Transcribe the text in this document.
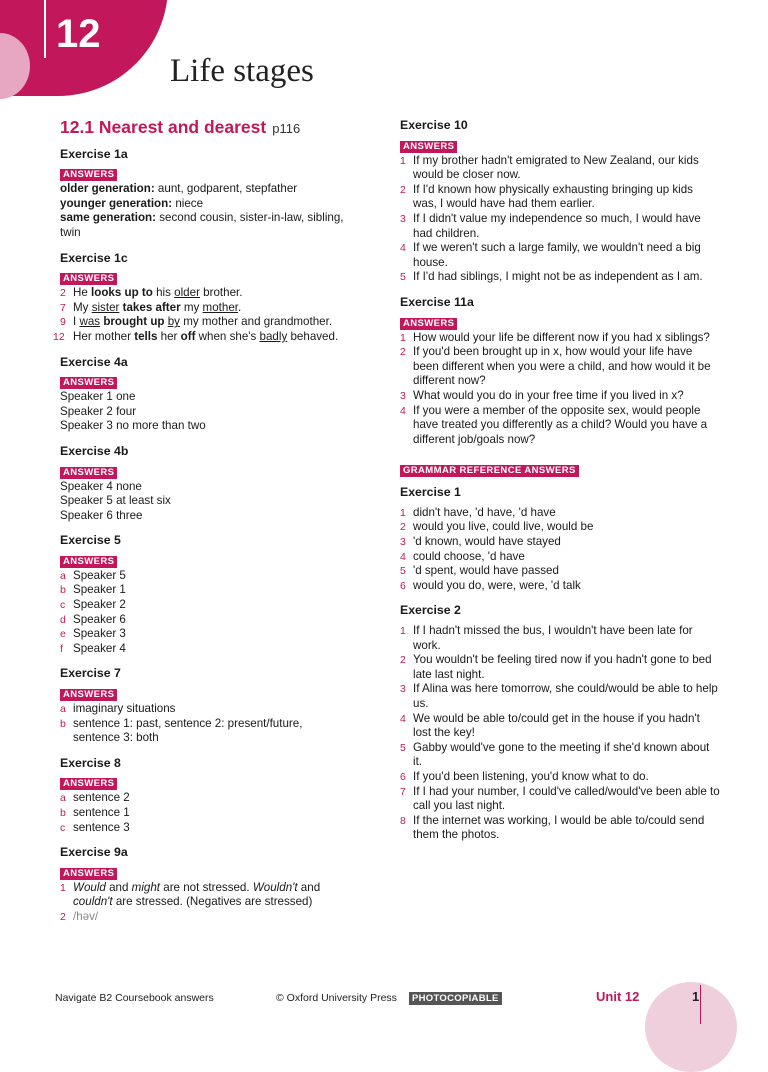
12
Life stages
12.1 Nearest and dearest p116
Exercise 1a
ANSWERS
older generation: aunt, godparent, stepfather
younger generation: niece
same generation: second cousin, sister-in-law, sibling, twin
Exercise 1c
ANSWERS
2 He looks up to his older brother.
7 My sister takes after my mother.
9 I was brought up by my mother and grandmother.
12 Her mother tells her off when she's badly behaved.
Exercise 4a
ANSWERS
Speaker 1 one
Speaker 2 four
Speaker 3 no more than two
Exercise 4b
ANSWERS
Speaker 4 none
Speaker 5 at least six
Speaker 6 three
Exercise 5
ANSWERS
a Speaker 5
b Speaker 1
c Speaker 2
d Speaker 6
e Speaker 3
f Speaker 4
Exercise 7
ANSWERS
a imaginary situations
b sentence 1: past, sentence 2: present/future, sentence 3: both
Exercise 8
ANSWERS
a sentence 2
b sentence 1
c sentence 3
Exercise 9a
ANSWERS
1 Would and might are not stressed. Wouldn't and couldn't are stressed. (Negatives are stressed)
2 /həv/
Exercise 10
ANSWERS
1 If my brother hadn't emigrated to New Zealand, our kids would be closer now.
2 If I'd known how physically exhausting bringing up kids was, I would have had them earlier.
3 If I didn't value my independence so much, I would have had children.
4 If we weren't such a large family, we wouldn't need a big house.
5 If I'd had siblings, I might not be as independent as I am.
Exercise 11a
ANSWERS
1 How would your life be different now if you had x siblings?
2 If you'd been brought up in x, how would your life have been different when you were a child, and how would it be different now?
3 What would you do in your free time if you lived in x?
4 If you were a member of the opposite sex, would people have treated you differently as a child? Would you have a different job/goals now?
GRAMMAR REFERENCE ANSWERS
Exercise 1
1 didn't have, 'd have, 'd have
2 would you live, could live, would be
3 'd known, would have stayed
4 could choose, 'd have
5 'd spent, would have passed
6 would you do, were, were, 'd talk
Exercise 2
1 If I hadn't missed the bus, I wouldn't have been late for work.
2 You wouldn't be feeling tired now if you hadn't gone to bed late last night.
3 If Alina was here tomorrow, she could/would be able to help us.
4 We would be able to/could get in the house if you hadn't lost the key!
5 Gabby would've gone to the meeting if she'd known about it.
6 If you'd been listening, you'd know what to do.
7 If I had your number, I could've called/would've been able to call you last night.
8 If the internet was working, I would be able to/could send them the photos.
Navigate B2 Coursebook answers	© Oxford University Press	PHOTOCOPIABLE	Unit 12	1
